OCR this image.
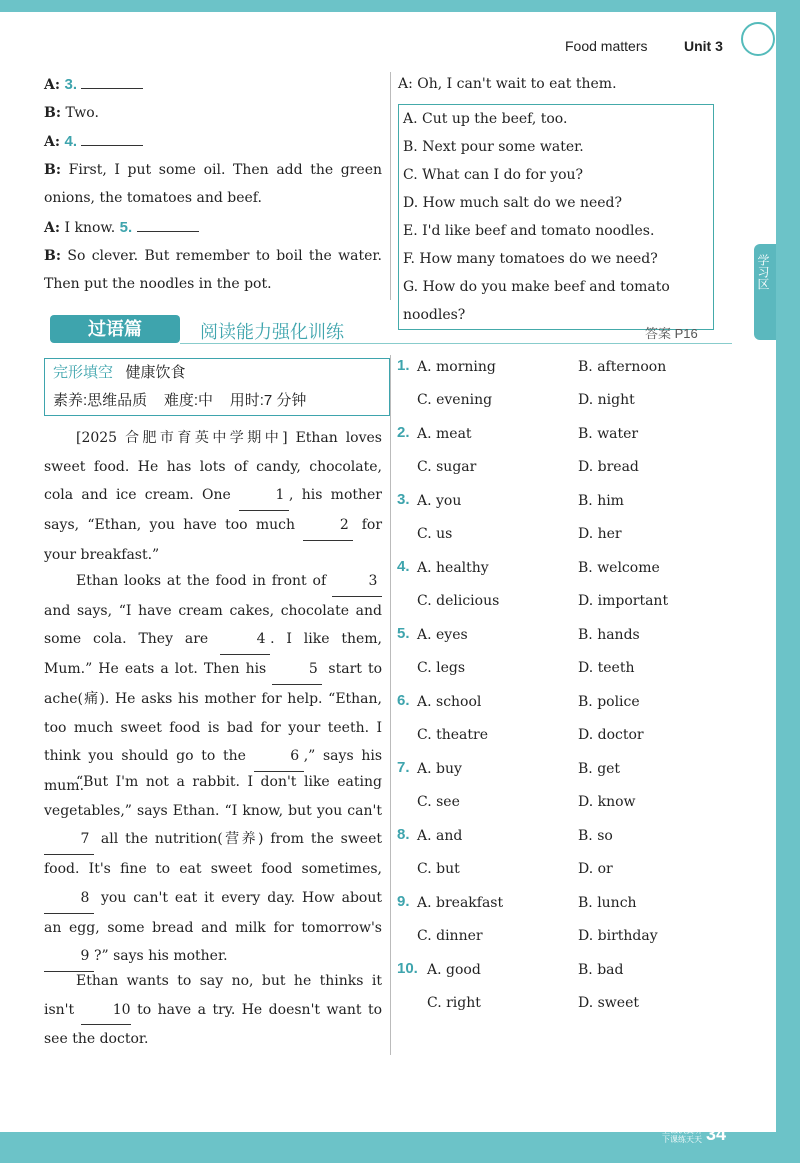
Food matters	Unit 3
学习区
A: 3.
B: Two.
A: 4.
B: First, I put some oil. Then add the green onions, the tomatoes and beef.
A: I know. 5.
B: So clever. But remember to boil the water. Then put the noodles in the pot.
A: Oh, I can't wait to eat them.
A. Cut up the beef, too.
B. Next pour some water.
C. What can I do for you?
D. How much salt do we need?
E. I'd like beef and tomato noodles.
F. How many tomatoes do we need?
G. How do you make beef and tomato noodles?
过语篇	阅读能力强化训练	答案 P16
完形填空 健康饮食
素养:思维品质 难度:中 用时:7 分钟
[2025 合肥市育英中学期中] Ethan loves sweet food. He has lots of candy, chocolate, cola and ice cream. One	1 , his mother says, “Ethan, you have too much	2 for your breakfast.”
Ethan looks at the food in front of	3 and says, “I have cream cakes, chocolate and some cola. They are	4 . I like them, Mum.” He eats a lot. Then his	5 start to ache(痛). He asks his mother for help. “Ethan, too much sweet food is bad for your teeth. I think you should go to the	6 ,” says his mum.
“But I'm not a rabbit. I don't like eating vegetables,” says Ethan. “I know, but you can't 7 all the nutrition(营养) from the sweet food. It's fine to eat sweet food sometimes, 8 you can't eat it every day. How about an egg, some bread and milk for tomorrow's 9 ?” says his mother.
Ethan wants to say no, but he thinks it isn't	10 to have a try. He doesn't want to see the doctor.
1. A. morning	B. afternoon
C. evening	D. night
2. A. meat	B. water
C. sugar	D. bread
3. A. you	B. him
C. us	D. her
4. A. healthy	B. welcome
C. delicious	D. important
5. A. eyes	B. hands
C. legs	D. teeth
6. A. school	B. police
C. theatre	D. doctor
7. A. buy	B. get
C. see	D. know
8. A. and	B. so
C. but	D. or
9. A. breakfast	B. lunch
C. dinner	D. birthday
10. A. good	B. bad
C. right	D. sweet
上课认真听 下课练天天 34
